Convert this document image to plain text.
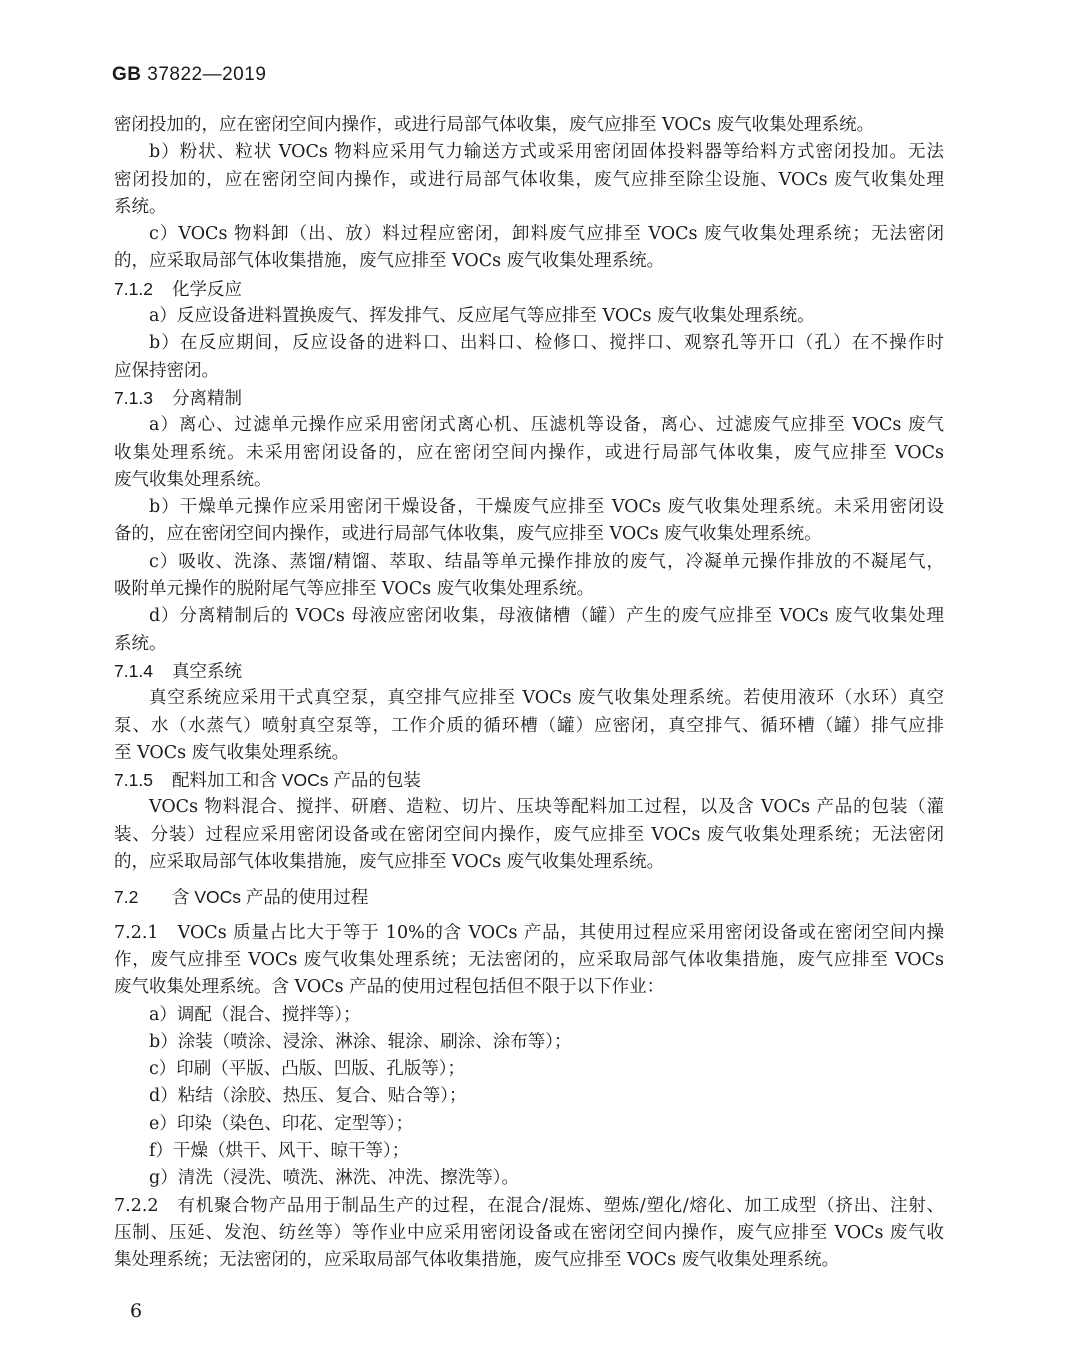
GB 37822—2019
密闭投加的，应在密闭空间内操作，或进行局部气体收集，废气应排至 VOCs 废气收集处理系统。
b）粉状、粒状 VOCs 物料应采用气力输送方式或采用密闭固体投料器等给料方式密闭投加。无法
密闭投加的，应在密闭空间内操作，或进行局部气体收集，废气应排至除尘设施、VOCs 废气收集处理
系统。
c）VOCs 物料卸（出、放）料过程应密闭，卸料废气应排至 VOCs 废气收集处理系统；无法密闭
的，应采取局部气体收集措施，废气应排至 VOCs 废气收集处理系统。
7.1.2 化学反应
a）反应设备进料置换废气、挥发排气、反应尾气等应排至 VOCs 废气收集处理系统。
b）在反应期间，反应设备的进料口、出料口、检修口、搅拌口、观察孔等开口（孔）在不操作时
应保持密闭。
7.1.3 分离精制
a）离心、过滤单元操作应采用密闭式离心机、压滤机等设备，离心、过滤废气应排至 VOCs 废气
收集处理系统。未采用密闭设备的，应在密闭空间内操作，或进行局部气体收集，废气应排至 VOCs
废气收集处理系统。
b）干燥单元操作应采用密闭干燥设备，干燥废气应排至 VOCs 废气收集处理系统。未采用密闭设
备的，应在密闭空间内操作，或进行局部气体收集，废气应排至 VOCs 废气收集处理系统。
c）吸收、洗涤、蒸馏/精馏、萃取、结晶等单元操作排放的废气，冷凝单元操作排放的不凝尾气，
吸附单元操作的脱附尾气等应排至 VOCs 废气收集处理系统。
d）分离精制后的 VOCs 母液应密闭收集，母液储槽（罐）产生的废气应排至 VOCs 废气收集处理
系统。
7.1.4 真空系统
真空系统应采用干式真空泵，真空排气应排至 VOCs 废气收集处理系统。若使用液环（水环）真空
泵、水（水蒸气）喷射真空泵等，工作介质的循环槽（罐）应密闭，真空排气、循环槽（罐）排气应排
至 VOCs 废气收集处理系统。
7.1.5 配料加工和含 VOCs 产品的包装
VOCs 物料混合、搅拌、研磨、造粒、切片、压块等配料加工过程，以及含 VOCs 产品的包装（灌
装、分装）过程应采用密闭设备或在密闭空间内操作，废气应排至 VOCs 废气收集处理系统；无法密闭
的，应采取局部气体收集措施，废气应排至 VOCs 废气收集处理系统。
7.2 含 VOCs 产品的使用过程
7.2.1　VOCs 质量占比大于等于 10%的含 VOCs 产品，其使用过程应采用密闭设备或在密闭空间内操
作，废气应排至 VOCs 废气收集处理系统；无法密闭的，应采取局部气体收集措施，废气应排至 VOCs
废气收集处理系统。含 VOCs 产品的使用过程包括但不限于以下作业：
a）调配（混合、搅拌等）；
b）涂装（喷涂、浸涂、淋涂、辊涂、刷涂、涂布等）；
c）印刷（平版、凸版、凹版、孔版等）；
d）粘结（涂胶、热压、复合、贴合等）；
e）印染（染色、印花、定型等）；
f）干燥（烘干、风干、晾干等）；
g）清洗（浸洗、喷洗、淋洗、冲洗、擦洗等）。
7.2.2　有机聚合物产品用于制品生产的过程，在混合/混炼、塑炼/塑化/熔化、加工成型（挤出、注射、
压制、压延、发泡、纺丝等）等作业中应采用密闭设备或在密闭空间内操作，废气应排至 VOCs 废气收
集处理系统；无法密闭的，应采取局部气体收集措施，废气应排至 VOCs 废气收集处理系统。
6
